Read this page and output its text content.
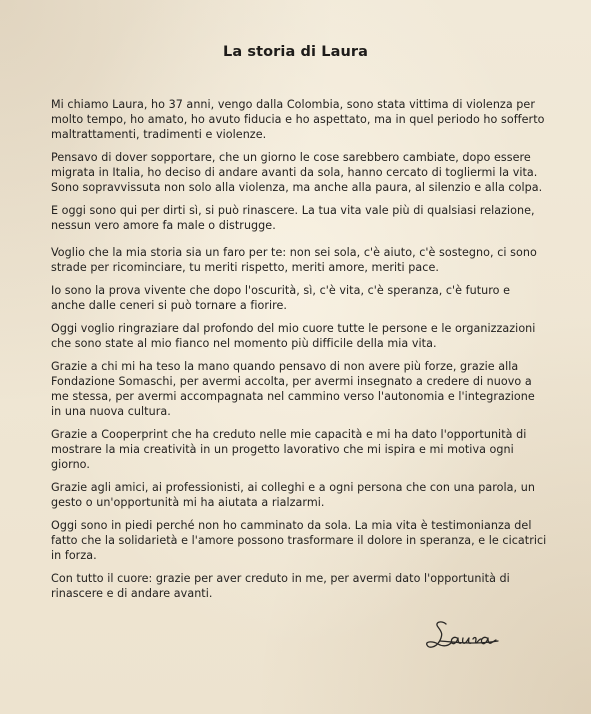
La storia di Laura

Mi chiamo Laura, ho 37 anni, vengo dalla Colombia, sono stata vittima di violenza per molto tempo, ho amato, ho avuto fiducia e ho aspettato, ma in quel periodo ho sofferto maltrattamenti, tradimenti e violenze.

Pensavo di dover sopportare, che un giorno le cose sarebbero cambiate, dopo essere migrata in Italia, ho deciso di andare avanti da sola, hanno cercato di togliermi la vita. Sono sopravvissuta non solo alla violenza, ma anche alla paura, al silenzio e alla colpa.

E oggi sono qui per dirti sì, si può rinascere. La tua vita vale più di qualsiasi relazione, nessun vero amore fa male o distrugge.

Voglio che la mia storia sia un faro per te: non sei sola, c'è aiuto, c'è sostegno, ci sono strade per ricominciare, tu meriti rispetto, meriti amore, meriti pace.

Io sono la prova vivente che dopo l'oscurità, sì, c'è vita, c'è speranza, c'è futuro e anche dalle ceneri si può tornare a fiorire.

Oggi voglio ringraziare dal profondo del mio cuore tutte le persone e le organizzazioni che sono state al mio fianco nel momento più difficile della mia vita.

Grazie a chi mi ha teso la mano quando pensavo di non avere più forze, grazie alla Fondazione Somaschi, per avermi accolta, per avermi insegnato a credere di nuovo a me stessa, per avermi accompagnata nel cammino verso l'autonomia e l'integrazione in una nuova cultura.

Grazie a Cooperprint che ha creduto nelle mie capacità e mi ha dato l'opportunità di mostrare la mia creatività in un progetto lavorativo che mi ispira e mi motiva ogni giorno.

Grazie agli amici, ai professionisti, ai colleghi e a ogni persona che con una parola, un gesto o un'opportunità mi ha aiutata a rialzarmi.

Oggi sono in piedi perché non ho camminato da sola. La mia vita è testimonianza del fatto che la solidarietà e l'amore possono trasformare il dolore in speranza, e le cicatrici in forza.

Con tutto il cuore: grazie per aver creduto in me, per avermi dato l'opportunità di rinascere e di andare avanti.
